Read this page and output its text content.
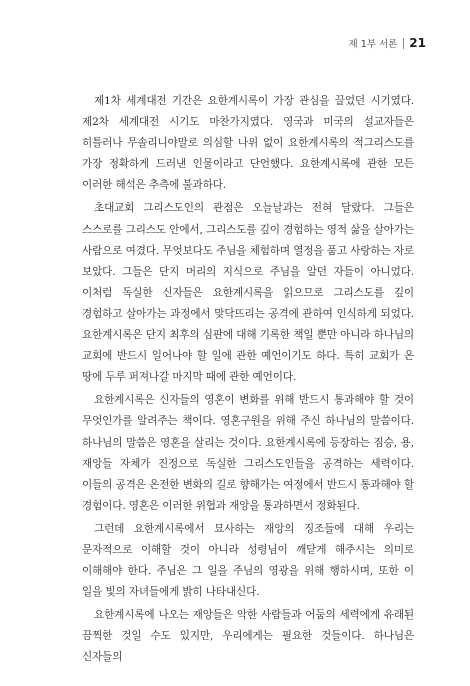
제 1부 서론 21

제1차 세계대전 기간은 요한계시록이 가장 관심을 끌었던 시기였다. 제2차 세계대전 시기도 마찬가지였다. 영국과 미국의 설교자들은 히틀러나 무솔리니야말로 의심할 나위 없이 요한계시록의 적그리스도를 가장 정확하게 드러낸 인물이라고 단언했다. 요한계시록에 관한 모든 이러한 해석은 추측에 불과하다.

초대교회 그리스도인의 관점은 오늘날과는 전혀 달랐다. 그들은 스스로를 그리스도 안에서, 그리스도를 깊이 경험하는 영적 삶을 살아가는 사람으로 여겼다. 무엇보다도 주님을 체험하며 열정을 품고 사랑하는 자로 보았다. 그들은 단지 머리의 지식으로 주님을 알던 자들이 아니었다. 이처럼 독실한 신자들은 요한계시록을 읽으므로 그리스도를 깊이 경험하고 살아가는 과정에서 맞닥뜨리는 공격에 관하여 인식하게 되었다. 요한계시록은 단지 최후의 심판에 대해 기록한 책일 뿐만 아니라 하나님의 교회에 반드시 일어나야 할 일에 관한 예언이기도 하다. 특히 교회가 온 땅에 두루 퍼져나갈 마지막 때에 관한 예언이다.

요한계시록은 신자들의 영혼이 변화를 위해 반드시 통과해야 할 것이 무엇인가를 알려주는 책이다. 영혼구원을 위해 주신 하나님의 말씀이다. 하나님의 말씀은 영혼을 살리는 것이다. 요한계시록에 등장하는 짐승, 용, 재앙들 자체가 진정으로 독실한 그리스도인들을 공격하는 세력이다. 이들의 공격은 온전한 변화의 길로 향해가는 여정에서 반드시 통과해야 할 경험이다. 영혼은 이러한 위협과 재앙을 통과하면서 정화된다.

그런데 요한계시록에서 묘사하는 재앙의 징조들에 대해 우리는 문자적으로 이해할 것이 아니라 성령님이 깨닫게 해주시는 의미로 이해해야 한다. 주님은 그 일을 주님의 영광을 위해 행하시며, 또한 이 일을 빛의 자녀들에게 밝히 나타내신다.

요한계시록에 나오는 재앙들은 악한 사람들과 어둠의 세력에게 유래된 끔찍한 것일 수도 있지만, 우리에게는 필요한 것들이다. 하나님은 신자들의
